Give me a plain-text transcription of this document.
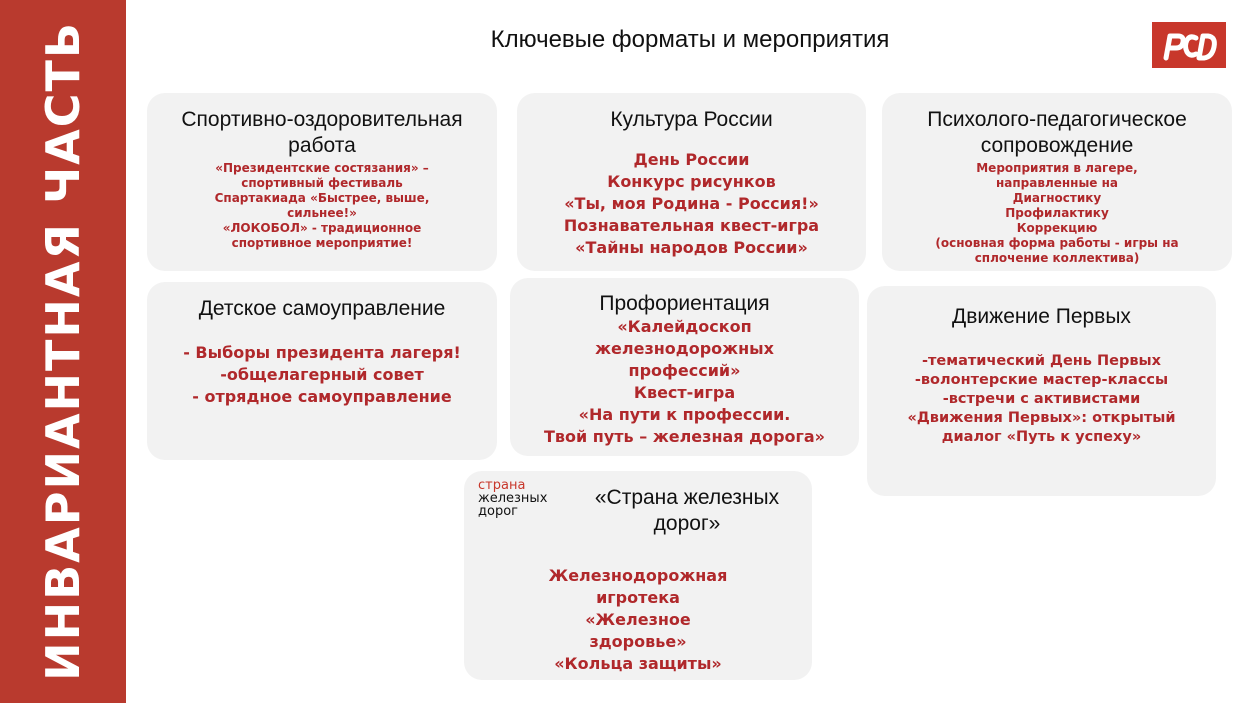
ИНВАРИАНТНАЯ ЧАСТЬ	Ключевые форматы и мероприятия
Спортивно-оздоровительная
работа
«Президентские состязания» –
спортивный фестиваль
Спартакиада «Быстрее, выше,
сильнее!»
«ЛОКОБОЛ» - традиционное
спортивное мероприятие!
Культура России
День России
Конкурс рисунков
«Ты, моя Родина - Россия!»
Познавательная квест-игра
«Тайны народов России»
Психолого-педагогическое
сопровождение
Мероприятия в лагере,
направленные на
Диагностику
Профилактику
Коррекцию
(основная форма работы - игры на
сплочение коллектива)
Детское самоуправление
- Выборы президента лагеря!
-общелагерный совет
- отрядное самоуправление
Профориентация
«Калейдоскоп
железнодорожных
профессий»
Квест-игра
«На пути к профессии.
Твой путь – железная дорога»
Движение Первых
-тематический День Первых
-волонтерские мастер-классы
-встречи с активистами
«Движения Первых»: открытый
диалог «Путь к успеху»
страна
железных
дорог
«Страна железных
дорог»
Железнодорожная
игротека
«Железное
здоровье»
«Кольца защиты»
